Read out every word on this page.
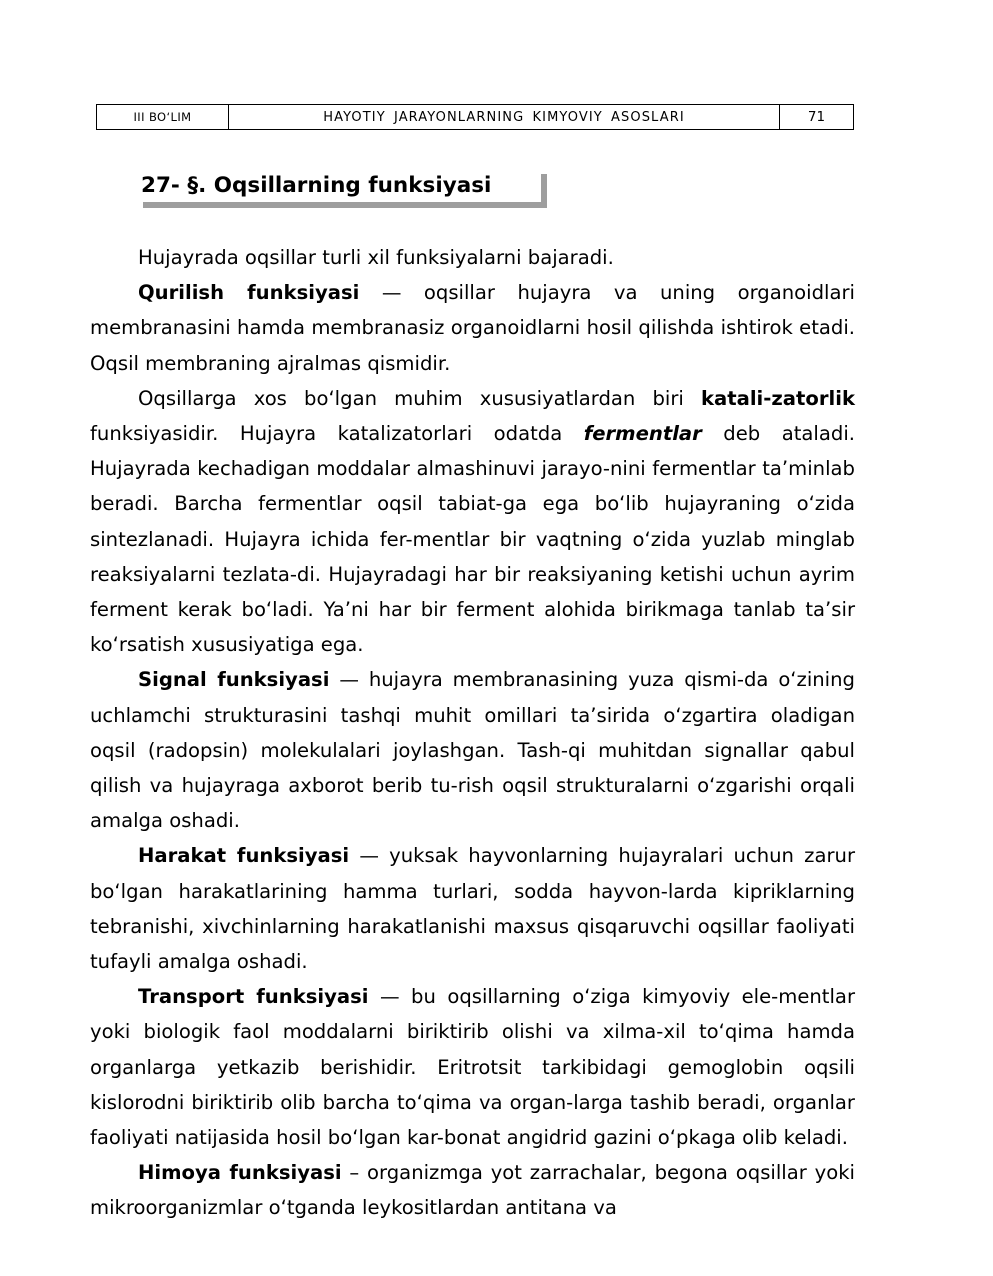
III BO‘LIM	HAYOTIY JARAYONLARNING KIMYOVIY ASOSLARI	71
27- §. Oqsillarning funksiyasi

Hujayrada oqsillar turli xil funksiyalarni bajaradi.

Qurilish funksiyasi — oqsillar hujayra va uning organoidlari membranasini hamda membranasiz organoidlarni hosil qilishda ishtirok etadi. Oqsil membraning ajralmas qismidir.

Oqsillarga xos bo‘lgan muhim xususiyatlardan biri katali-zatorlik funksiyasidir. Hujayra katalizatorlari odatda fermentlar deb ataladi. Hujayrada kechadigan moddalar almashinuvi jarayo-nini fermentlar ta’minlab beradi. Barcha fermentlar oqsil tabiat-ga ega bo‘lib hujayraning o‘zida sintezlanadi. Hujayra ichida fer-mentlar bir vaqtning o‘zida yuzlab minglab reaksiyalarni tezlata-di. Hujayradagi har bir reaksiyaning ketishi uchun ayrim ferment kerak bo‘ladi. Ya’ni har bir ferment alohida birikmaga tanlab ta’sir ko‘rsatish xususiyatiga ega.

Signal funksiyasi — hujayra membranasining yuza qismi-da o‘zining uchlamchi strukturasini tashqi muhit omillari ta’sirida o‘zgartira oladigan oqsil (radopsin) molekulalari joylashgan. Tash-qi muhitdan signallar qabul qilish va hujayraga axborot berib tu-rish oqsil strukturalarni o‘zgarishi orqali amalga oshadi.

Harakat funksiyasi — yuksak hayvonlarning hujayralari uchun zarur bo‘lgan harakatlarining hamma turlari, sodda hayvon-larda kipriklarning tebranishi, xivchinlarning harakatlanishi maxsus qisqaruvchi oqsillar faoliyati tufayli amalga oshadi.

Transport funksiyasi — bu oqsillarning o‘ziga kimyoviy ele-mentlar yoki biologik faol moddalarni biriktirib olishi va xilma-xil to‘qima hamda organlarga yetkazib berishidir. Eritrotsit tarkibidagi gemoglobin oqsili kislorodni biriktirib olib barcha to‘qima va organ-larga tashib beradi, organlar faoliyati natijasida hosil bo‘lgan kar-bonat angidrid gazini o‘pkaga olib keladi.

Himoya funksiyasi – organizmga yot zarrachalar, begona oqsillar yoki mikroorganizmlar o‘tganda leykositlardan antitana va
